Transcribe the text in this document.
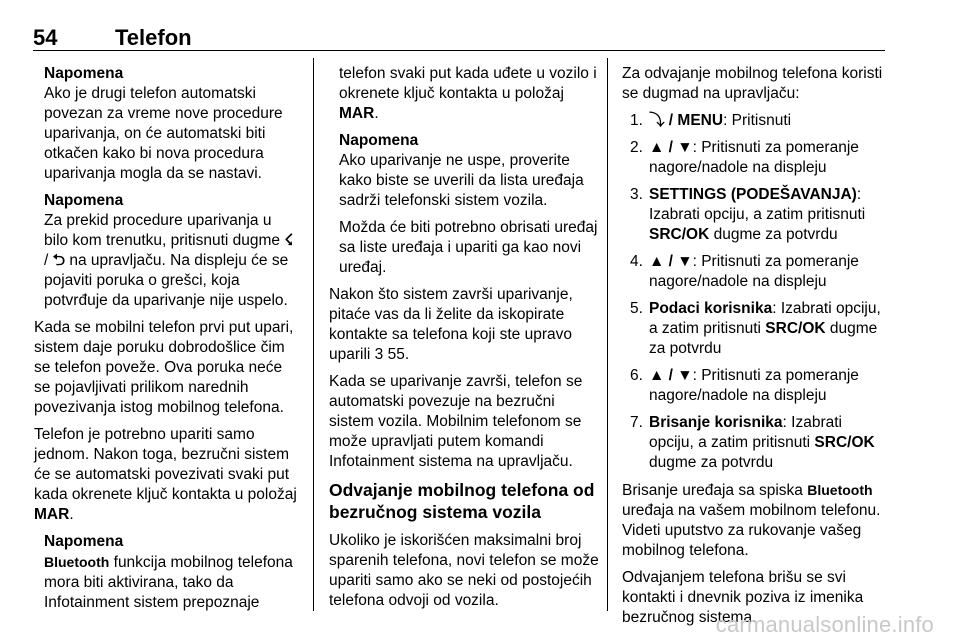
54	Telefon
Napomena

Ako je drugi telefon automatski povezan za vreme nove procedure uparivanja, on će automatski biti otkačen kako bi nova procedura uparivanja mogla da se nastavi.

Napomena

Za prekid procedure uparivanja u bilo kom trenutku, pritisnuti dugme ☇ / ⮌ na upravljaču. Na displeju će se pojaviti poruka o grešci, koja potvrđuje da uparivanje nije uspelo.

Kada se mobilni telefon prvi put upari, sistem daje poruku dobrodošlice čim se telefon poveže. Ova poruka neće se pojavljivati prilikom narednih povezivanja istog mobilnog telefona.

Telefon je potrebno upariti samo jednom. Nakon toga, bezručni sistem će se automatski povezivati svaki put kada okrenete ključ kontakta u položaj MAR.

Napomena

Bluetooth funkcija mobilnog telefona mora biti aktivirana, tako da Infotainment sistem prepoznaje

telefon svaki put kada uđete u vozilo i okrenete ključ kontakta u položaj MAR.

Napomena

Ako uparivanje ne uspe, proverite kako biste se uverili da lista uređaja sadrži telefonski sistem vozila.

Možda će biti potrebno obrisati uređaj sa liste uređaja i upariti ga kao novi uređaj.

Nakon što sistem završi uparivanje, pitaće vas da li želite da iskopirate kontakte sa telefona koji ste upravo uparili 3 55.

Kada se uparivanje završi, telefon se automatski povezuje na bezručni sistem vozila. Mobilnim telefonom se može upravljati putem komandi Infotainment sistema na upravljaču.

Odvajanje mobilnog telefona od bezručnog sistema vozila

Ukoliko je iskorišćen maksimalni broj sparenih telefona, novi telefon se može upariti samo ako se neki od postojećih telefona odvoji od vozila.

Za odvajanje mobilnog telefona koristi se dugmad na upravljaču:

1. ⤵ / MENU: Pritisnuti
2. ▲ / ▼: Pritisnuti za pomeranje nagore/nadole na displeju
3. SETTINGS (PODEŠAVANJA): Izabrati opciju, a zatim pritisnuti SRC/OK dugme za potvrdu
4. ▲ / ▼: Pritisnuti za pomeranje nagore/nadole na displeju
5. Podaci korisnika: Izabrati opciju, a zatim pritisnuti SRC/OK dugme za potvrdu
6. ▲ / ▼: Pritisnuti za pomeranje nagore/nadole na displeju
7. Brisanje korisnika: Izabrati opciju, a zatim pritisnuti SRC/OK dugme za potvrdu

Brisanje uređaja sa spiska Bluetooth uređaja na vašem mobilnom telefonu. Videti uputstvo za rukovanje vašeg mobilnog telefona.

Odvajanjem telefona brišu se svi kontakti i dnevnik poziva iz imenika bezručnog sistema.

carmanualsonline.info
